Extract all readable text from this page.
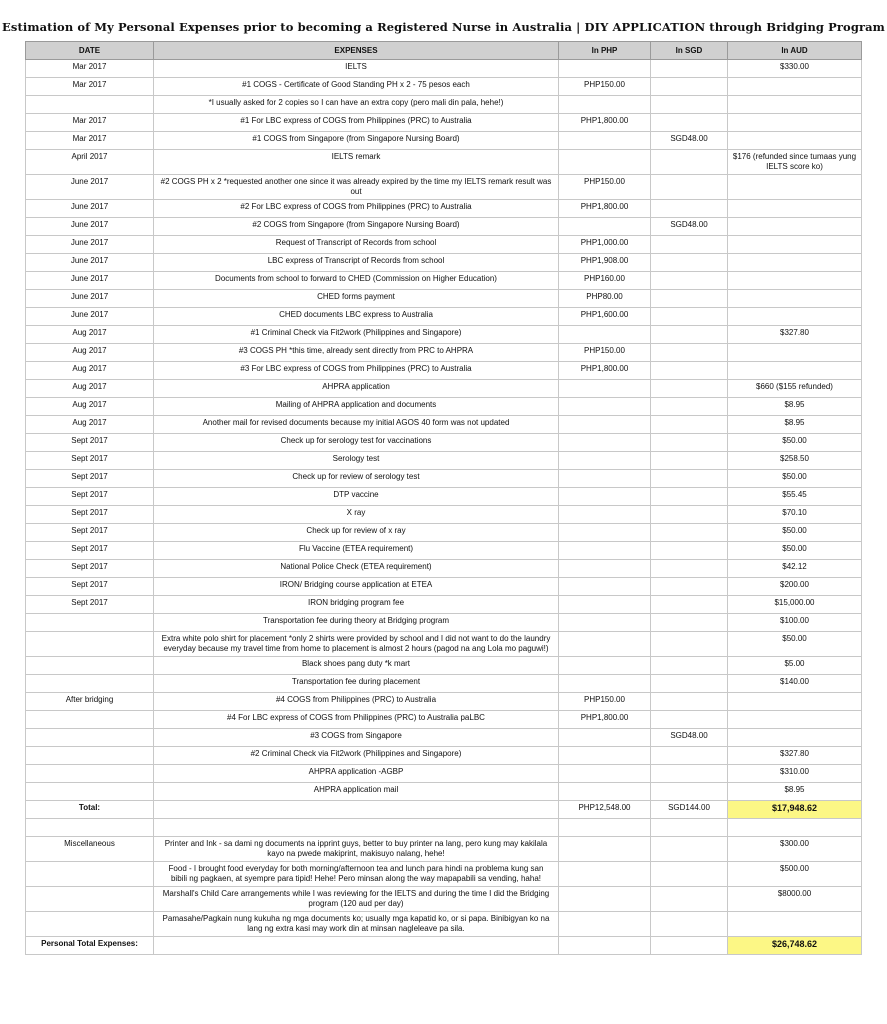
Estimation of My Personal Expenses prior to becoming a Registered Nurse in Australia | DIY APPLICATION through Bridging Program
DATE	EXPENSES	In PHP	In SGD	In AUD
Mar 2017	IELTS			$330.00
Mar 2017	#1 COGS - Certificate of Good Standing PH x 2 - 75 pesos each	PHP150.00		
	*I usually asked for 2 copies so I can have an extra copy (pero mali din pala, hehe!)			
Mar 2017	#1 For LBC express of COGS from Philippines (PRC) to Australia	PHP1,800.00		
Mar 2017	#1 COGS from Singapore (from Singapore Nursing Board)		SGD48.00	
April 2017	IELTS remark			$176 (refunded since tumaas yung IELTS score ko)
June 2017	#2 COGS PH x 2 *requested another one since it was already expired by the time my IELTS remark result was out	PHP150.00		
June 2017	#2 For LBC express of COGS from Philippines (PRC) to Australia	PHP1,800.00		
June 2017	#2 COGS from Singapore (from Singapore Nursing Board)		SGD48.00	
June 2017	Request of Transcript of Records from school	PHP1,000.00		
June 2017	LBC express of Transcript of Records from school	PHP1,908.00		
June 2017	Documents from school to forward to CHED (Commission on Higher Education)	PHP160.00		
June 2017	CHED forms payment	PHP80.00		
June 2017	CHED documents LBC express to Australia	PHP1,600.00		
Aug 2017	#1 Criminal Check via Fit2work (Philippines and Singapore)			$327.80
Aug 2017	#3 COGS PH *this time, already sent directly from PRC to AHPRA	PHP150.00		
Aug 2017	#3 For LBC express of COGS from Philippines (PRC) to Australia	PHP1,800.00		
Aug 2017	AHPRA application			$660 ($155 refunded)
Aug 2017	Mailing of AHPRA application and documents			$8.95
Aug 2017	Another mail for revised documents because my initial AGOS 40 form was not updated			$8.95
Sept 2017	Check up for serology test for vaccinations			$50.00
Sept 2017	Serology test			$258.50
Sept 2017	Check up for review of serology test			$50.00
Sept 2017	DTP vaccine			$55.45
Sept 2017	X ray			$70.10
Sept 2017	Check up for review of x ray			$50.00
Sept 2017	Flu Vaccine (ETEA requirement)			$50.00
Sept 2017	National Police Check (ETEA requirement)			$42.12
Sept 2017	IRON/ Bridging course application at ETEA			$200.00
Sept 2017	IRON bridging program fee			$15,000.00
	Transportation fee during theory at Bridging program			$100.00
	Extra white polo shirt for placement *only 2 shirts were provided by school and I did not want to do the laundry everyday because my travel time from home to placement is almost 2 hours (pagod na ang Lola mo paguwi!)			$50.00
	Black shoes pang duty *k mart			$5.00
	Transportation fee during placement			$140.00
After bridging	#4 COGS from Philippines (PRC) to Australia	PHP150.00		
	#4 For LBC express of COGS from Philippines (PRC) to Australia paLBC	PHP1,800.00		
	#3 COGS from Singapore		SGD48.00	
	#2 Criminal Check via Fit2work (Philippines and Singapore)			$327.80
	AHPRA application -AGBP			$310.00
	AHPRA application mail			$8.95
Total:		PHP12,548.00	SGD144.00	$17,948.62

Miscellaneous	Printer and Ink - sa dami ng documents na ipprint guys, better to buy printer na lang, pero kung may kakilala kayo na pwede makiprint, makisuyo nalang, hehe!			$300.00
	Food - I brought food everyday for both morning/afternoon tea and lunch para hindi na problema kung san bibili ng pagkaen, at syempre para tipid! Hehe! Pero minsan along the way mapapabili sa vending, haha!			$500.00
	Marshall's Child Care arrangements while I was reviewing for the IELTS and during the time I did the Bridging program (120 aud per day)			$8000.00
	Pamasahe/Pagkain nung kukuha ng mga documents ko; usually mga kapatid ko, or si papa. Binibigyan ko na lang ng extra kasi may work din at minsan nagleleave pa sila.			
Personal Total Expenses:				$26,748.62
